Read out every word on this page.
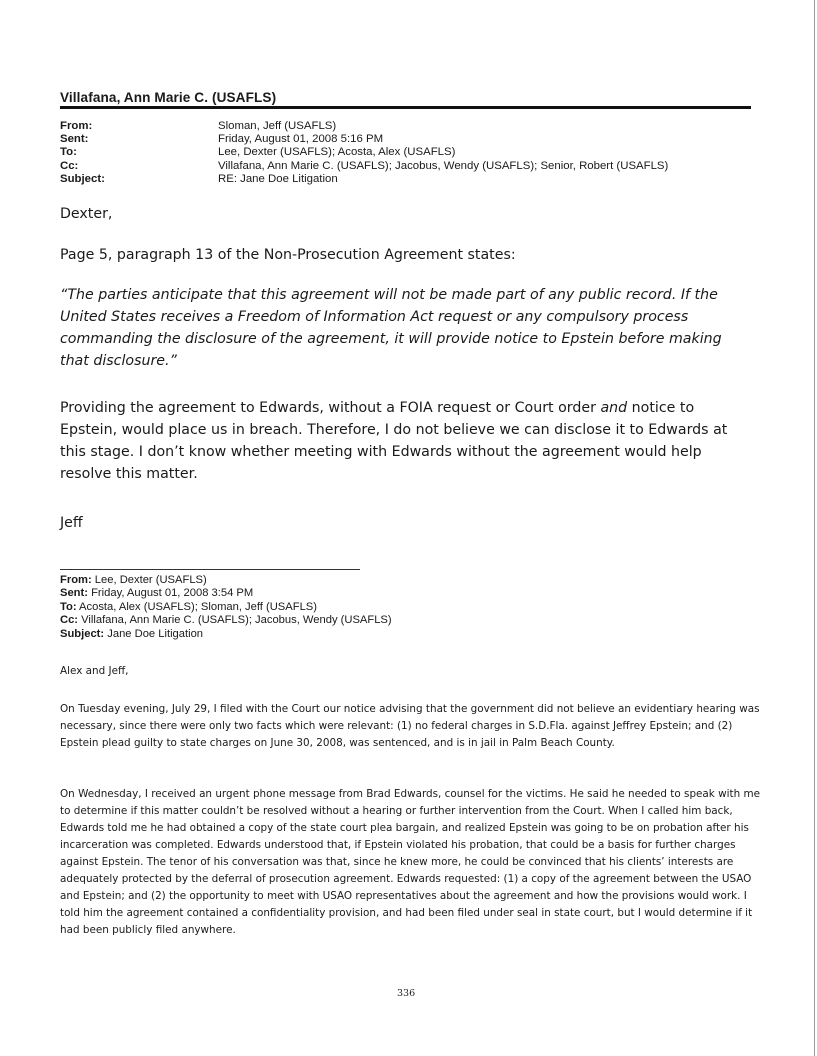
Villafana, Ann Marie C. (USAFLS)
From:	Sloman, Jeff (USAFLS)
Sent:	Friday, August 01, 2008 5:16 PM
To:	Lee, Dexter (USAFLS); Acosta, Alex (USAFLS)
Cc:	Villafana, Ann Marie C. (USAFLS); Jacobus, Wendy (USAFLS); Senior, Robert (USAFLS)
Subject:	RE: Jane Doe Litigation

Dexter,

Page 5, paragraph 13 of the Non-Prosecution Agreement states:

“The parties anticipate that this agreement will not be made part of any public record. If the United States receives a Freedom of Information Act request or any compulsory process commanding the disclosure of the agreement, it will provide notice to Epstein before making that disclosure.”

Providing the agreement to Edwards, without a FOIA request or Court order and notice to Epstein, would place us in breach. Therefore, I do not believe we can disclose it to Edwards at this stage. I don’t know whether meeting with Edwards without the agreement would help resolve this matter.

Jeff

From: Lee, Dexter (USAFLS)
Sent: Friday, August 01, 2008 3:54 PM
To: Acosta, Alex (USAFLS); Sloman, Jeff (USAFLS)
Cc: Villafana, Ann Marie C. (USAFLS); Jacobus, Wendy (USAFLS)
Subject: Jane Doe Litigation

Alex and Jeff,

On Tuesday evening, July 29, I filed with the Court our notice advising that the government did not believe an evidentiary hearing was necessary, since there were only two facts which were relevant: (1) no federal charges in S.D.Fla. against Jeffrey Epstein; and (2) Epstein plead guilty to state charges on June 30, 2008, was sentenced, and is in jail in Palm Beach County.

On Wednesday, I received an urgent phone message from Brad Edwards, counsel for the victims. He said he needed to speak with me to determine if this matter couldn’t be resolved without a hearing or further intervention from the Court. When I called him back, Edwards told me he had obtained a copy of the state court plea bargain, and realized Epstein was going to be on probation after his incarceration was completed. Edwards understood that, if Epstein violated his probation, that could be a basis for further charges against Epstein. The tenor of his conversation was that, since he knew more, he could be convinced that his clients’ interests are adequately protected by the deferral of prosecution agreement. Edwards requested: (1) a copy of the agreement between the USAO and Epstein; and (2) the opportunity to meet with USAO representatives about the agreement and how the provisions would work. I told him the agreement contained a confidentiality provision, and had been filed under seal in state court, but I would determine if it had been publicly filed anywhere.

336
